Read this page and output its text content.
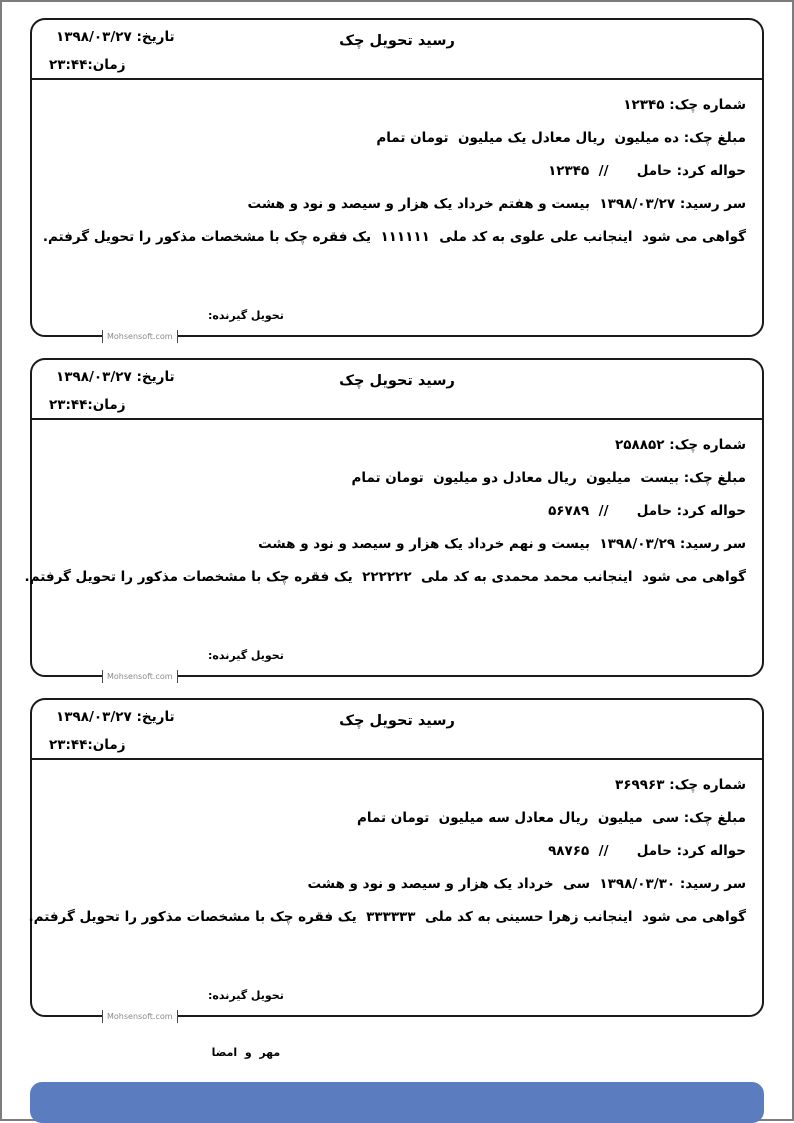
تاریخ: ۱۳۹۸/۰۳/۲۷
زمان:۲۳:۴۴
رسید تحویل چک
شماره چک: ۱۲۳۴۵
مبلغ چک: ده میلیون  ریال معادل یک میلیون  تومان تمام
حواله کرد: حامل      //  ۱۲۳۴۵
سر رسید: ۱۳۹۸/۰۳/۲۷  بیست و هفتم خرداد یک هزار و سیصد و نود و هشت
گواهی می شود  اینجانب علی علوی به کد ملی  ۱۱۱۱۱۱  یک فقره چک با مشخصات مذکور را تحویل گرفتم.

تحویل گیرنده:

Mohsensoft.com
تاریخ: ۱۳۹۸/۰۳/۲۷
زمان:۲۳:۴۴
رسید تحویل چک
شماره چک: ۲۵۸۸۵۲
مبلغ چک: بیست  میلیون  ریال معادل دو میلیون  تومان تمام
حواله کرد: حامل      //  ۵۶۷۸۹
سر رسید: ۱۳۹۸/۰۳/۲۹  بیست و نهم خرداد یک هزار و سیصد و نود و هشت
گواهی می شود  اینجانب محمد محمدی به کد ملی  ۲۲۲۲۲۲  یک فقره چک با مشخصات مذکور را تحویل گرفتم.

تحویل گیرنده:

Mohsensoft.com
تاریخ: ۱۳۹۸/۰۳/۲۷
زمان:۲۳:۴۴
رسید تحویل چک
شماره چک: ۳۶۹۹۶۳
مبلغ چک: سی  میلیون  ریال معادل سه میلیون  تومان تمام
حواله کرد: حامل      //  ۹۸۷۶۵
سر رسید: ۱۳۹۸/۰۳/۳۰  سی  خرداد یک هزار و سیصد و نود و هشت
گواهی می شود  اینجانب زهرا حسینی به کد ملی  ۳۳۳۳۳۳  یک فقره چک با مشخصات مذکور را تحویل گرفتم.

تحویل گیرنده:

مهر  و  امضا

Mohsensoft.com
